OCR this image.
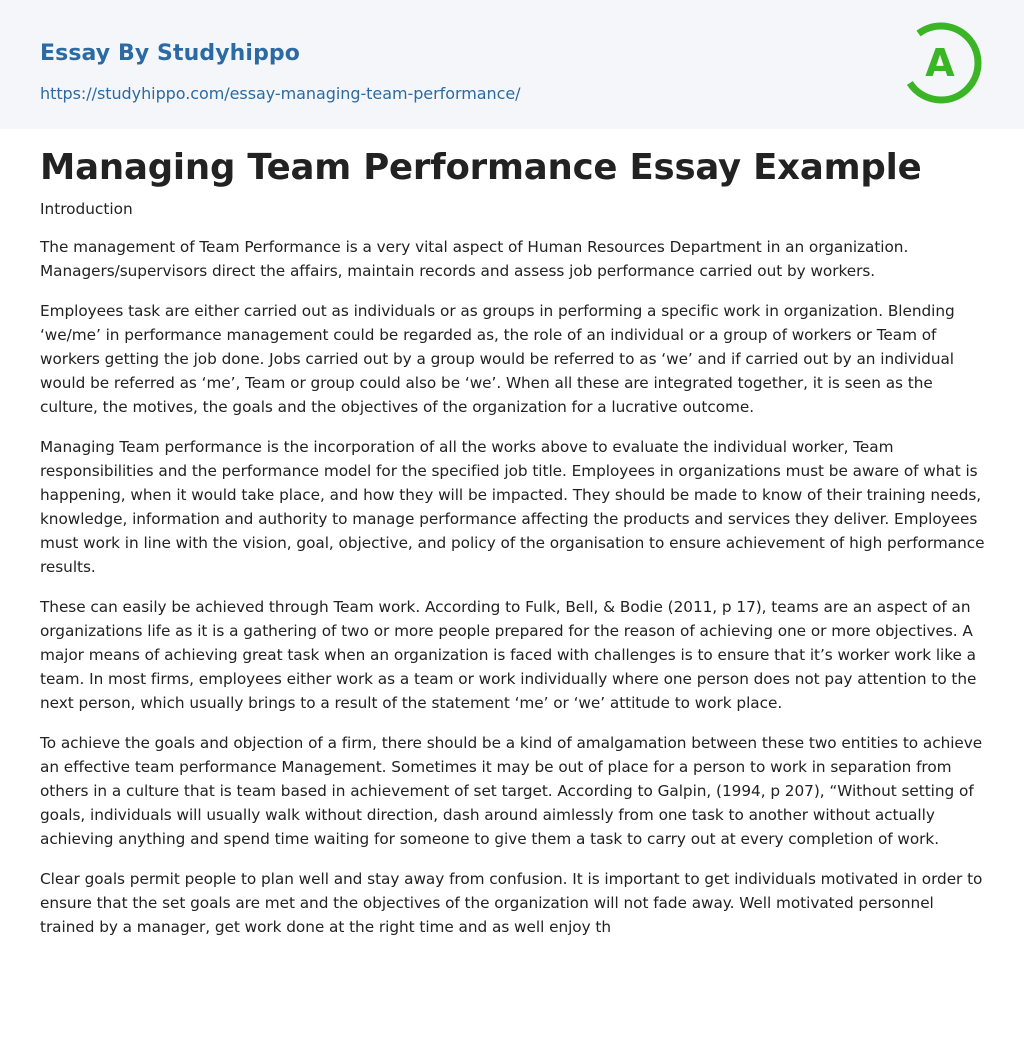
Essay By Studyhippo
https://studyhippo.com/essay-managing-team-performance/
A
Managing Team Performance Essay Example
Introduction

The management of Team Performance is a very vital aspect of Human Resources Department in an organization. Managers/supervisors direct the affairs, maintain records and assess job performance carried out by workers.

Employees task are either carried out as individuals or as groups in performing a specific work in organization. Blending ‘we/me’ in performance management could be regarded as, the role of an individual or a group of workers or Team of workers getting the job done. Jobs carried out by a group would be referred to as ‘we’ and if carried out by an individual would be referred as ‘me’, Team or group could also be ‘we’. When all these are integrated together, it is seen as the culture, the motives, the goals and the objectives of the organization for a lucrative outcome.

Managing Team performance is the incorporation of all the works above to evaluate the individual worker, Team responsibilities and the performance model for the specified job title. Employees in organizations must be aware of what is happening, when it would take place, and how they will be impacted. They should be made to know of their training needs, knowledge, information and authority to manage performance affecting the products and services they deliver. Employees must work in line with the vision, goal, objective, and policy of the organisation to ensure achievement of high performance results.

These can easily be achieved through Team work. According to Fulk, Bell, & Bodie (2011, p 17), teams are an aspect of an organizations life as it is a gathering of two or more people prepared for the reason of achieving one or more objectives. A major means of achieving great task when an organization is faced with challenges is to ensure that it’s worker work like a team. In most firms, employees either work as a team or work individually where one person does not pay attention to the next person, which usually brings to a result of the statement ‘me’ or ‘we’ attitude to work place.

To achieve the goals and objection of a firm, there should be a kind of amalgamation between these two entities to achieve an effective team performance Management. Sometimes it may be out of place for a person to work in separation from others in a culture that is team based in achievement of set target. According to Galpin, (1994, p 207), “Without setting of goals, individuals will usually walk without direction, dash around aimlessly from one task to another without actually achieving anything and spend time waiting for someone to give them a task to carry out at every completion of work.

Clear goals permit people to plan well and stay away from confusion. It is important to get individuals motivated in order to ensure that the set goals are met and the objectives of the organization will not fade away. Well motivated personnel trained by a manager, get work done at the right time and as well enjoy th
